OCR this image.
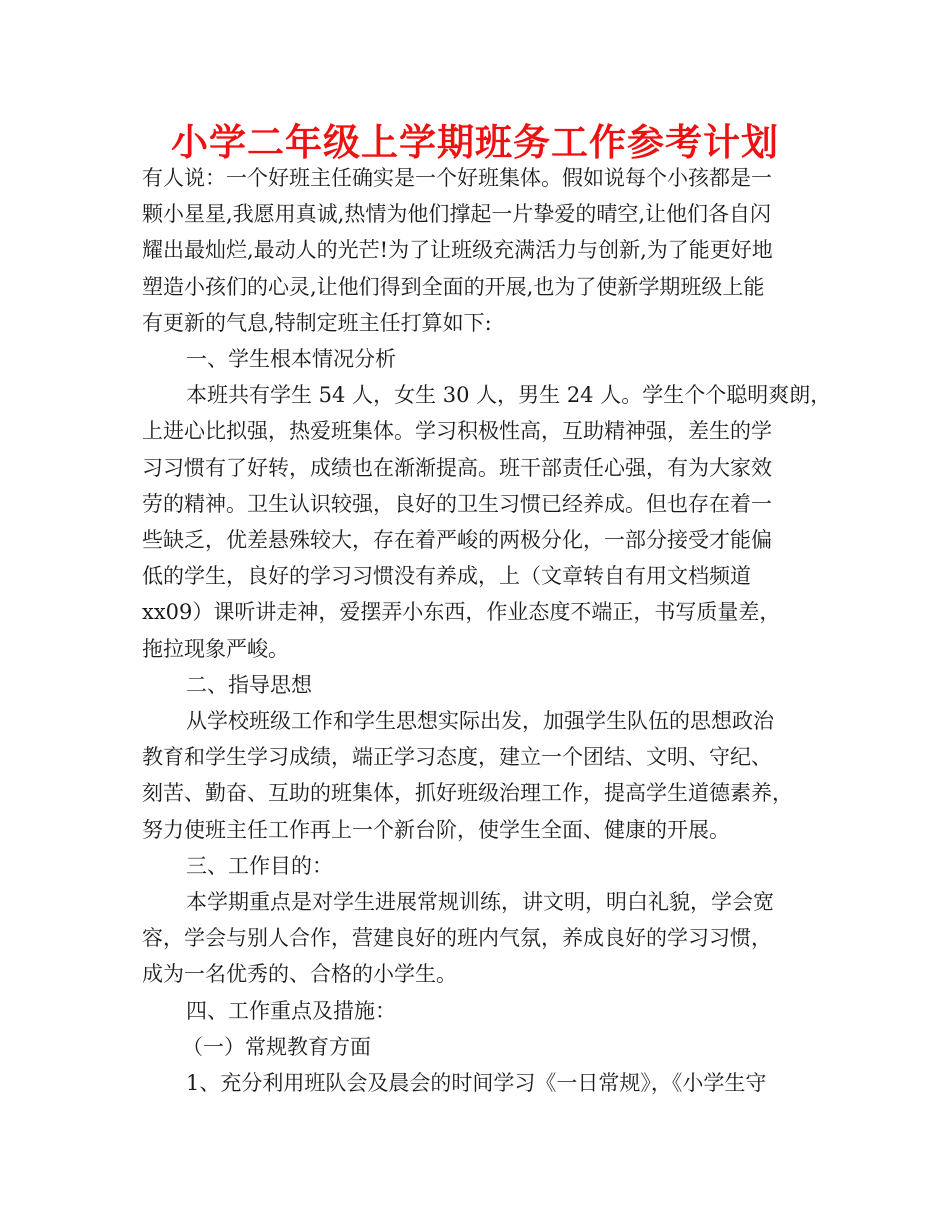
小学二年级上学期班务工作参考计划

有人说：一个好班主任确实是一个好班集体。假如说每个小孩都是一

颗小星星,我愿用真诚,热情为他们撑起一片挚爱的晴空,让他们各自闪

耀出最灿烂,最动人的光芒!为了让班级充满活力与创新,为了能更好地

塑造小孩们的心灵,让他们得到全面的开展,也为了使新学期班级上能

有更新的气息,特制定班主任打算如下:

一、学生根本情况分析

本班共有学生 54 人，女生 30 人，男生 24 人。学生个个聪明爽朗，

上进心比拟强，热爱班集体。学习积极性高，互助精神强，差生的学

习习惯有了好转，成绩也在渐渐提高。班干部责任心强，有为大家效

劳的精神。卫生认识较强，良好的卫生习惯已经养成。但也存在着一

些缺乏，优差悬殊较大，存在着严峻的两极分化，一部分接受才能偏

低的学生，良好的学习习惯没有养成，上（文章转自有用文档频道

xx09）课听讲走神，爱摆弄小东西，作业态度不端正，书写质量差，

拖拉现象严峻。

二、指导思想

从学校班级工作和学生思想实际出发，加强学生队伍的思想政治

教育和学生学习成绩，端正学习态度，建立一个团结、文明、守纪、

刻苦、勤奋、互助的班集体，抓好班级治理工作，提高学生道德素养，

努力使班主任工作再上一个新台阶，使学生全面、健康的开展。

三、工作目的：

本学期重点是对学生进展常规训练，讲文明，明白礼貌，学会宽

容，学会与别人合作，营建良好的班内气氛，养成良好的学习习惯，

成为一名优秀的、合格的小学生。

四、工作重点及措施：

（一）常规教育方面

1、充分利用班队会及晨会的时间学习《一日常规》，《小学生守
